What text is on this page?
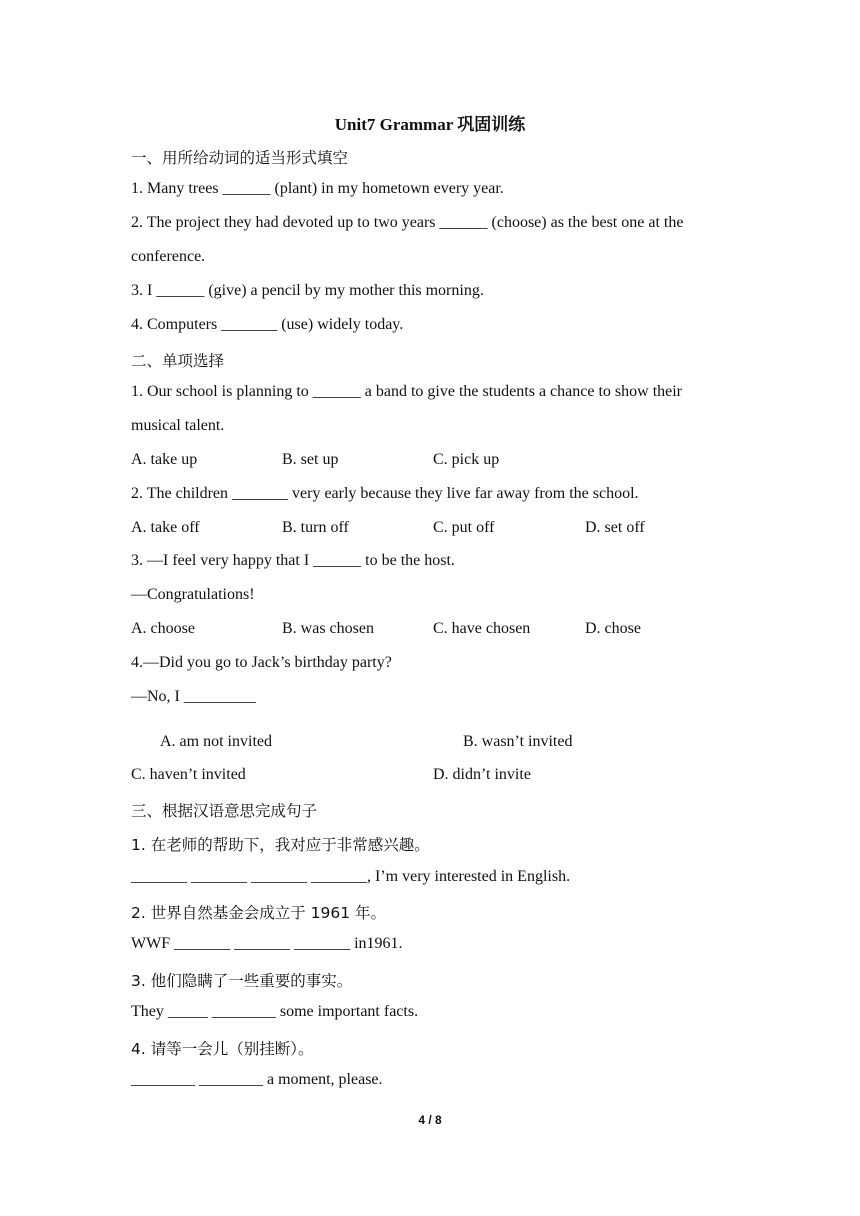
Unit7 Grammar 巩固训练
一、用所给动词的适当形式填空
1. Many trees ______ (plant) in my hometown every year.
2. The project they had devoted up to two years ______ (choose) as the best one at the
conference.
3. I ______ (give) a pencil by my mother this morning.
4. Computers _______ (use) widely today.
二、单项选择
1. Our school is planning to ______ a band to give the students a chance to show their
musical talent.
A. take up	B. set up	C. pick up
2. The children _______ very early because they live far away from the school.
A. take off	B. turn off	C. put off	D. set off
3. —I feel very happy that I ______ to be the host.
—Congratulations!
A. choose	B. was chosen	C. have chosen	D. chose
4.—Did you go to Jack’s birthday party?
—No, I _________
A. am not invited	B. wasn’t invited
C. haven’t invited	D. didn’t invite
三、根据汉语意思完成句子
1. 在老师的帮助下，我对应于非常感兴趣。
_______ _______ _______ _______, I’m very interested in English.
2. 世界自然基金会成立于 1961 年。
WWF _______ _______ _______ in1961.
3. 他们隐瞒了一些重要的事实。
They _____ ________ some important facts.
4. 请等一会儿（别挂断）。
________ ________ a moment, please.
4 / 8
